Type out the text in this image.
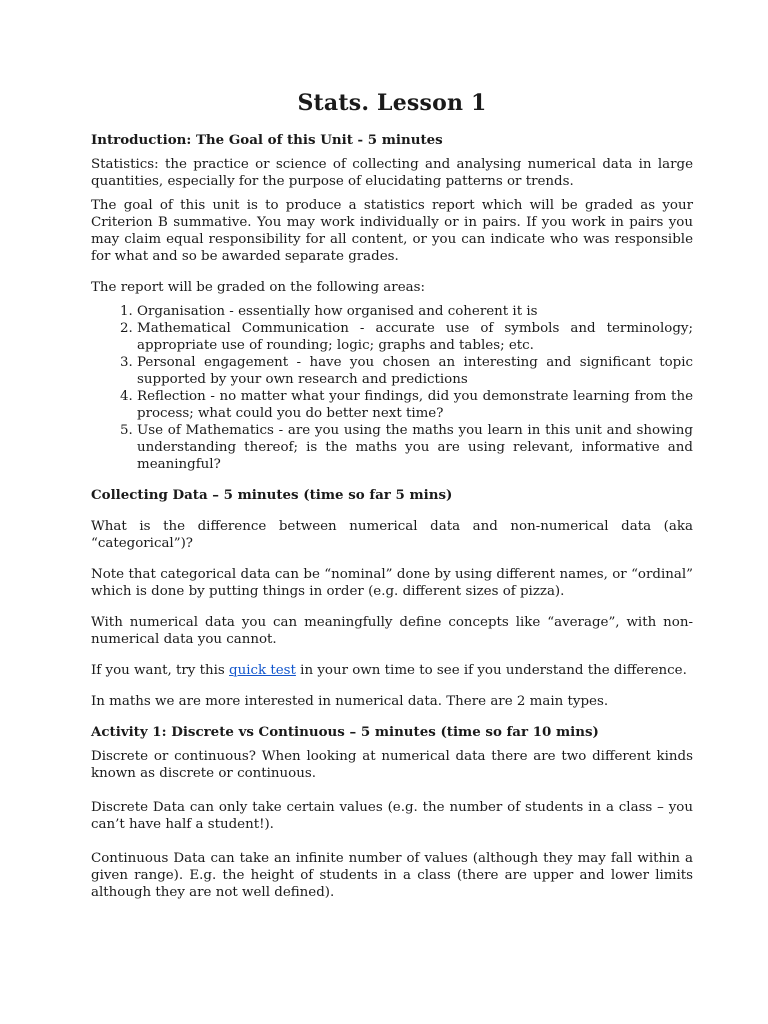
Stats. Lesson 1
Introduction: The Goal of this Unit - 5 minutes

Statistics: the practice or science of collecting and analysing numerical data in large quantities, especially for the purpose of elucidating patterns or trends.

The goal of this unit is to produce a statistics report which will be graded as your Criterion B summative. You may work individually or in pairs. If you work in pairs you may claim equal responsibility for all content, or you can indicate who was responsible for what and so be awarded separate grades.

The report will be graded on the following areas:

1. Organisation - essentially how organised and coherent it is
2. Mathematical Communication - accurate use of symbols and terminology; appropriate use of rounding; logic; graphs and tables; etc.
3. Personal engagement - have you chosen an interesting and significant topic supported by your own research and predictions
4. Reflection - no matter what your findings, did you demonstrate learning from the process; what could you do better next time?
5. Use of Mathematics - are you using the maths you learn in this unit and showing understanding thereof; is the maths you are using relevant, informative and meaningful?
Collecting Data – 5 minutes (time so far 5 mins)

What is the difference between numerical data and non-numerical data (aka “categorical”)?

Note that categorical data can be “nominal” done by using different names, or “ordinal” which is done by putting things in order (e.g. different sizes of pizza).

With numerical data you can meaningfully define concepts like “average”, with non-numerical data you cannot.

If you want, try this quick test in your own time to see if you understand the difference.

In maths we are more interested in numerical data. There are 2 main types.

Activity 1: Discrete vs Continuous – 5 minutes (time so far 10 mins)

Discrete or continuous? When looking at numerical data there are two different kinds known as discrete or continuous.

Discrete Data can only take certain values (e.g. the number of students in a class – you can’t have half a student!).

Continuous Data can take an infinite number of values (although they may fall within a given range). E.g. the height of students in a class (there are upper and lower limits although they are not well defined).
